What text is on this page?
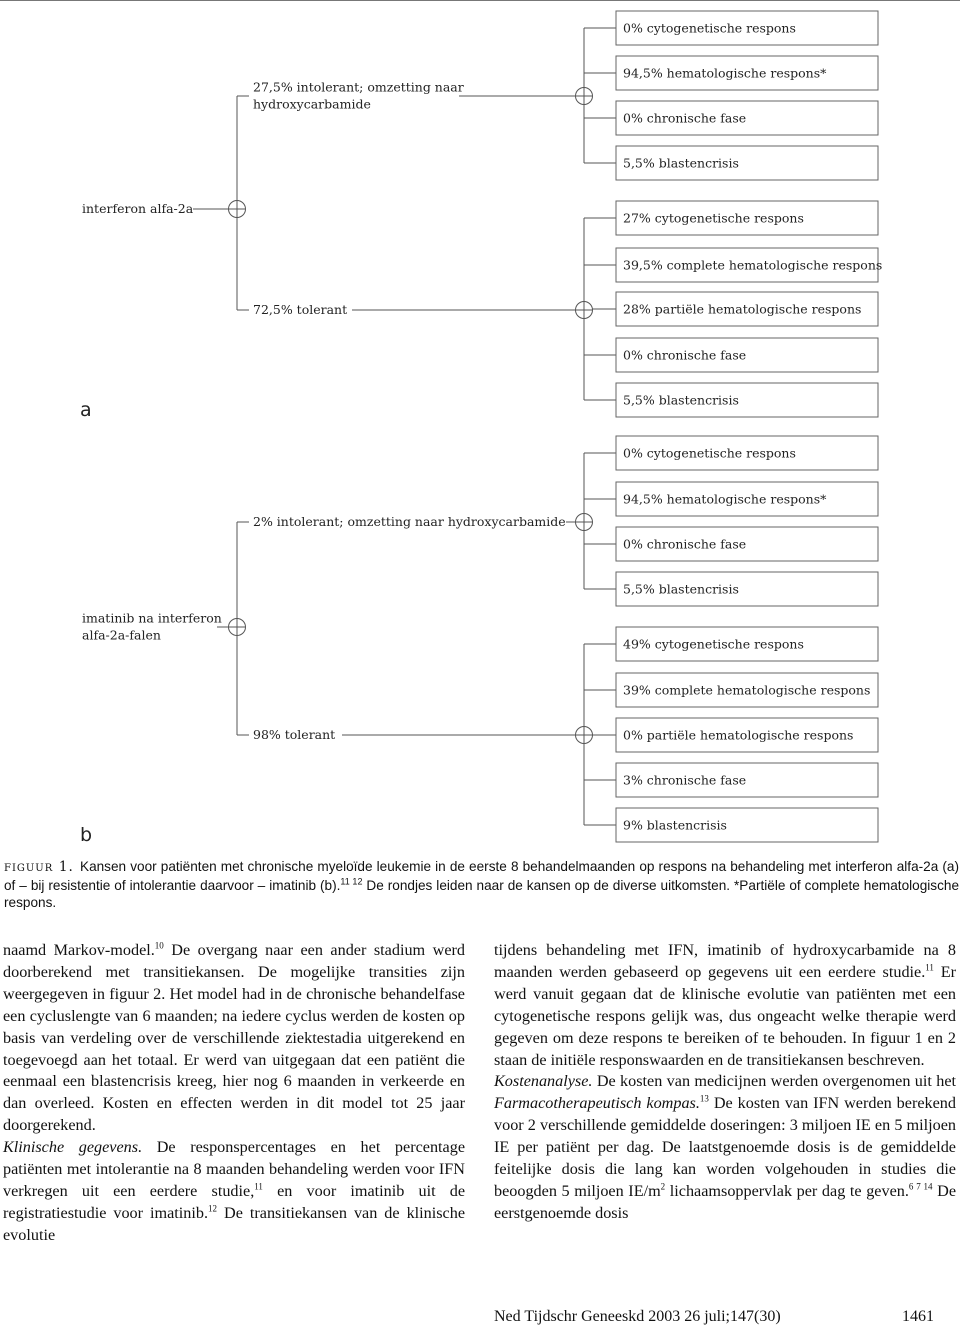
interferon alfa-2a
27,5% intolerant; omzetting naar
hydroxycarbamide
0% cytogenetische respons
94,5% hematologische respons*
0% chronische fase
5,5% blastencrisis
72,5% tolerant
27% cytogenetische respons
39,5% complete hematologische respons
28% partiële hematologische respons
0% chronische fase
5,5% blastencrisis
a
imatinib na interferon
alfa-2a-falen
2% intolerant; omzetting naar hydroxycarbamide
0% cytogenetische respons
94,5% hematologische respons*
0% chronische fase
5,5% blastencrisis
98% tolerant
49% cytogenetische respons
39% complete hematologische respons
0% partiële hematologische respons
3% chronische fase
9% blastencrisis
b
figuur 1. Kansen voor patiënten met chronische myeloïde leukemie in de eerste 8 behandelmaanden op respons na behandeling met interferon alfa-2a (a) of – bij resistentie of intolerantie daarvoor – imatinib (b).$^{11 12}$ De rondjes leiden naar de kansen op de diverse uitkomsten. *Partiële of complete hematologische respons.

naamd Markov-model.$^{10}$ De overgang naar een ander stadium werd doorberekend met transitiekansen. De mogelijke transities zijn weergegeven in figuur 2. Het model had in de chronische behandelfase een cycluslengte van 6 maanden; na iedere cyclus werden de kosten op basis van verdeling over de verschillende ziektestadia uitgerekend en toegevoegd aan het totaal. Er werd van uitgegaan dat een patiënt die eenmaal een blastencrisis kreeg, hier nog 6 maanden in verkeerde en dan overleed. Kosten en effecten werden in dit model tot 25 jaar doorgerekend.

Klinische gegevens. De responspercentages en het percentage patiënten met intolerantie na 8 maanden behandeling werden voor IFN verkregen uit een eerdere studie,$^{11}$ en voor imatinib uit de registratiestudie voor imatinib.$^{12}$ De transitiekansen van de klinische evolutie

tijdens behandeling met IFN, imatinib of hydroxycarbamide na 8 maanden werden gebaseerd op gegevens uit een eerdere studie.$^{11}$ Er werd vanuit gegaan dat de klinische evolutie van patiënten met een cytogenetische respons gelijk was, dus ongeacht welke therapie werd gegeven om deze respons te bereiken of te behouden. In figuur 1 en 2 staan de initiële responswaarden en de transitiekansen beschreven.

Kostenanalyse. De kosten van medicijnen werden overgenomen uit het Farmacotherapeutisch kompas.$^{13}$ De kosten van IFN werden berekend voor 2 verschillende gemiddelde doseringen: 3 miljoen IE en 5 miljoen IE per patiënt per dag. De laatstgenoemde dosis is de gemiddelde feitelijke dosis die lang kan worden volgehouden in studies die beoogden 5 miljoen $IE/m^2$ lichaamsoppervlak per dag te geven.$^{6 7 14}$ De eerstgenoemde dosis

Ned Tijdschr Geneeskd 2003 26 juli;147(30)	1461
